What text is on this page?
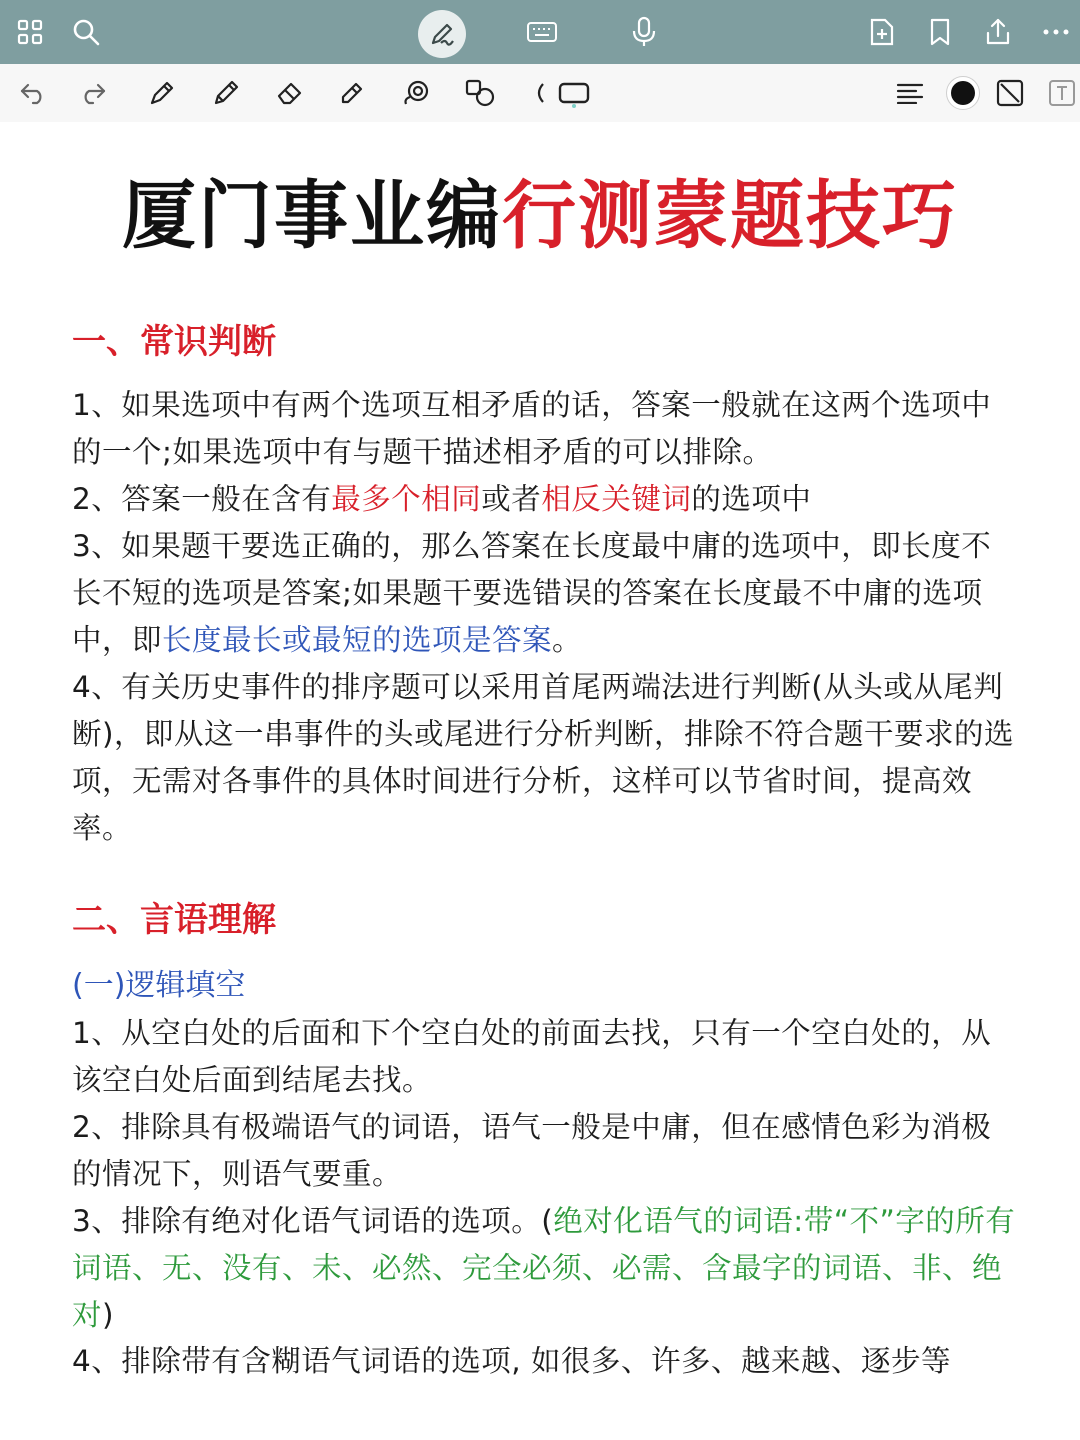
厦门事业编行测蒙题技巧
一、常识判断
1、如果选项中有两个选项互相矛盾的话，答案一般就在这两个选项中的一个;如果选项中有与题干描述相矛盾的可以排除。
2、答案一般在含有最多个相同或者相反关键词的选项中
3、如果题干要选正确的，那么答案在长度最中庸的选项中，即长度不长不短的选项是答案;如果题干要选错误的答案在长度最不中庸的选项中，即长度最长或最短的选项是答案。
4、有关历史事件的排序题可以采用首尾两端法进行判断(从头或从尾判断)，即从这一串事件的头或尾进行分析判断，排除不符合题干要求的选项，无需对各事件的具体时间进行分析，这样可以节省时间，提高效率。
二、言语理解
(一)逻辑填空
1、从空白处的后面和下个空白处的前面去找，只有一个空白处的，从该空白处后面到结尾去找。
2、排除具有极端语气的词语，语气一般是中庸，但在感情色彩为消极的情况下，则语气要重。
3、排除有绝对化语气词语的选项。(绝对化语气的词语:带“不”字的所有词语、无、没有、未、必然、完全必须、必需、含最字的词语、非、绝对)
4、排除带有含糊语气词语的选项, 如很多、许多、越来越、逐步等
